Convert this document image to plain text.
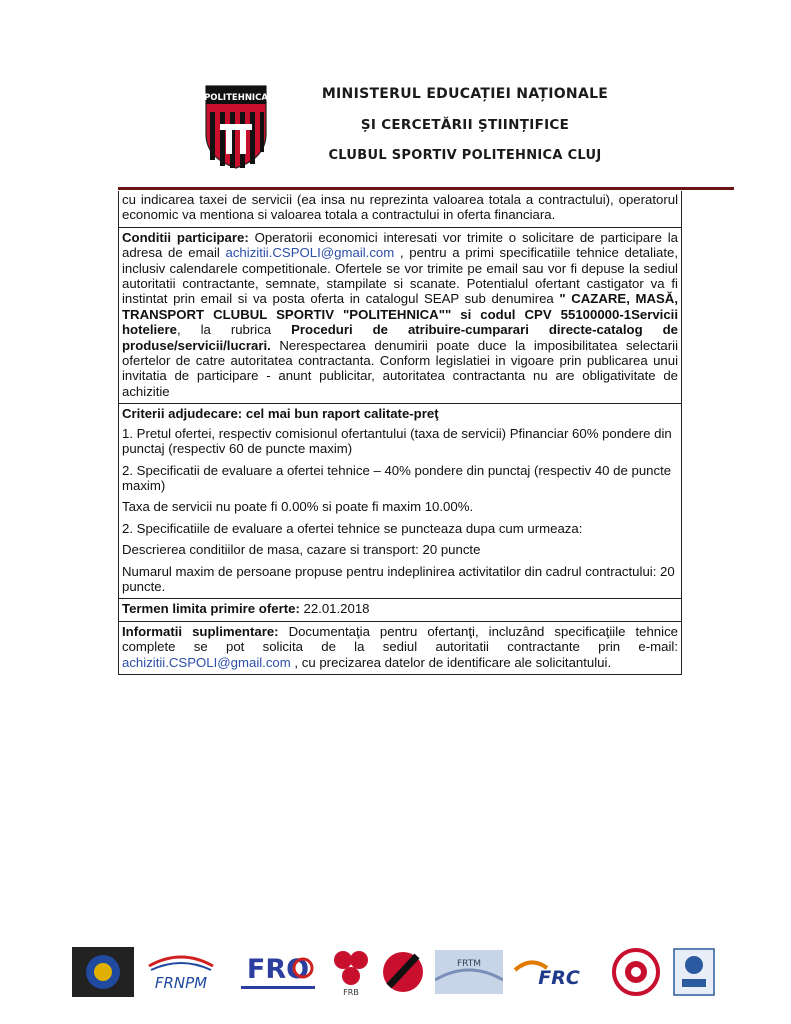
POLITEHNICA	MINISTERUL EDUCAȚIEI NAȚIONALE
ȘI CERCETĂRII ȘTIINȚIFICE
CLUBUL SPORTIV POLITEHNICA CLUJ
cu indicarea taxei de servicii (ea insa nu reprezinta valoarea totala a contractului), operatorul economic va mentiona si valoarea totala a contractului in oferta financiara.
Conditii participare: Operatorii economici interesati vor trimite o solicitare de participare la adresa de email achizitii.CSPOLI@gmail.com , pentru a primi specificatiile tehnice detaliate, inclusiv calendarele competitionale. Ofertele se vor trimite pe email sau vor fi depuse la sediul autoritatii contractante, semnate, stampilate si scanate. Potentialul ofertant castigator va fi instintat prin email si va posta oferta in catalogul SEAP sub denumirea " CAZARE, MASĂ, TRANSPORT CLUBUL SPORTIV "POLITEHNICA"" si codul CPV 55100000-1Servicii hoteliere, la rubrica Proceduri de atribuire-cumparari directe-catalog de produse/servicii/lucrari. Nerespectarea denumirii poate duce la imposibilitatea selectarii ofertelor de catre autoritatea contractanta. Conform legislatiei in vigoare prin publicarea unui invitatia de participare - anunt publicitar, autoritatea contractanta nu are obligativitate de achizitie
Criterii adjudecare: cel mai bun raport calitate-preţ

1. Pretul ofertei, respectiv comisionul ofertantului (taxa de servicii) Pfinanciar 60% pondere din punctaj (respectiv 60 de puncte maxim)

2. Specificatii de evaluare a ofertei tehnice – 40% pondere din punctaj (respectiv 40 de puncte maxim)

Taxa de servicii nu poate fi 0.00% si poate fi maxim 10.00%.

2. Specificatiile de evaluare a ofertei tehnice se puncteaza dupa cum urmeaza:

Descrierea conditiilor de masa, cazare si transport: 20 puncte

Numarul maxim de persoane propuse pentru indeplinirea activitatilor din cadrul contractului: 20 puncte.

Termen limita primire oferte: 22.01.2018
Informatii suplimentare: Documentaţia pentru ofertanţi, incluzând specificaţiile tehnice complete se pot solicita de la sediul autoritatii contractante prin e-mail: achizitii.CSPOLI@gmail.com , cu precizarea datelor de identificare ale solicitantului.
FRNPM FRO
FRB
FRTM
FRC
